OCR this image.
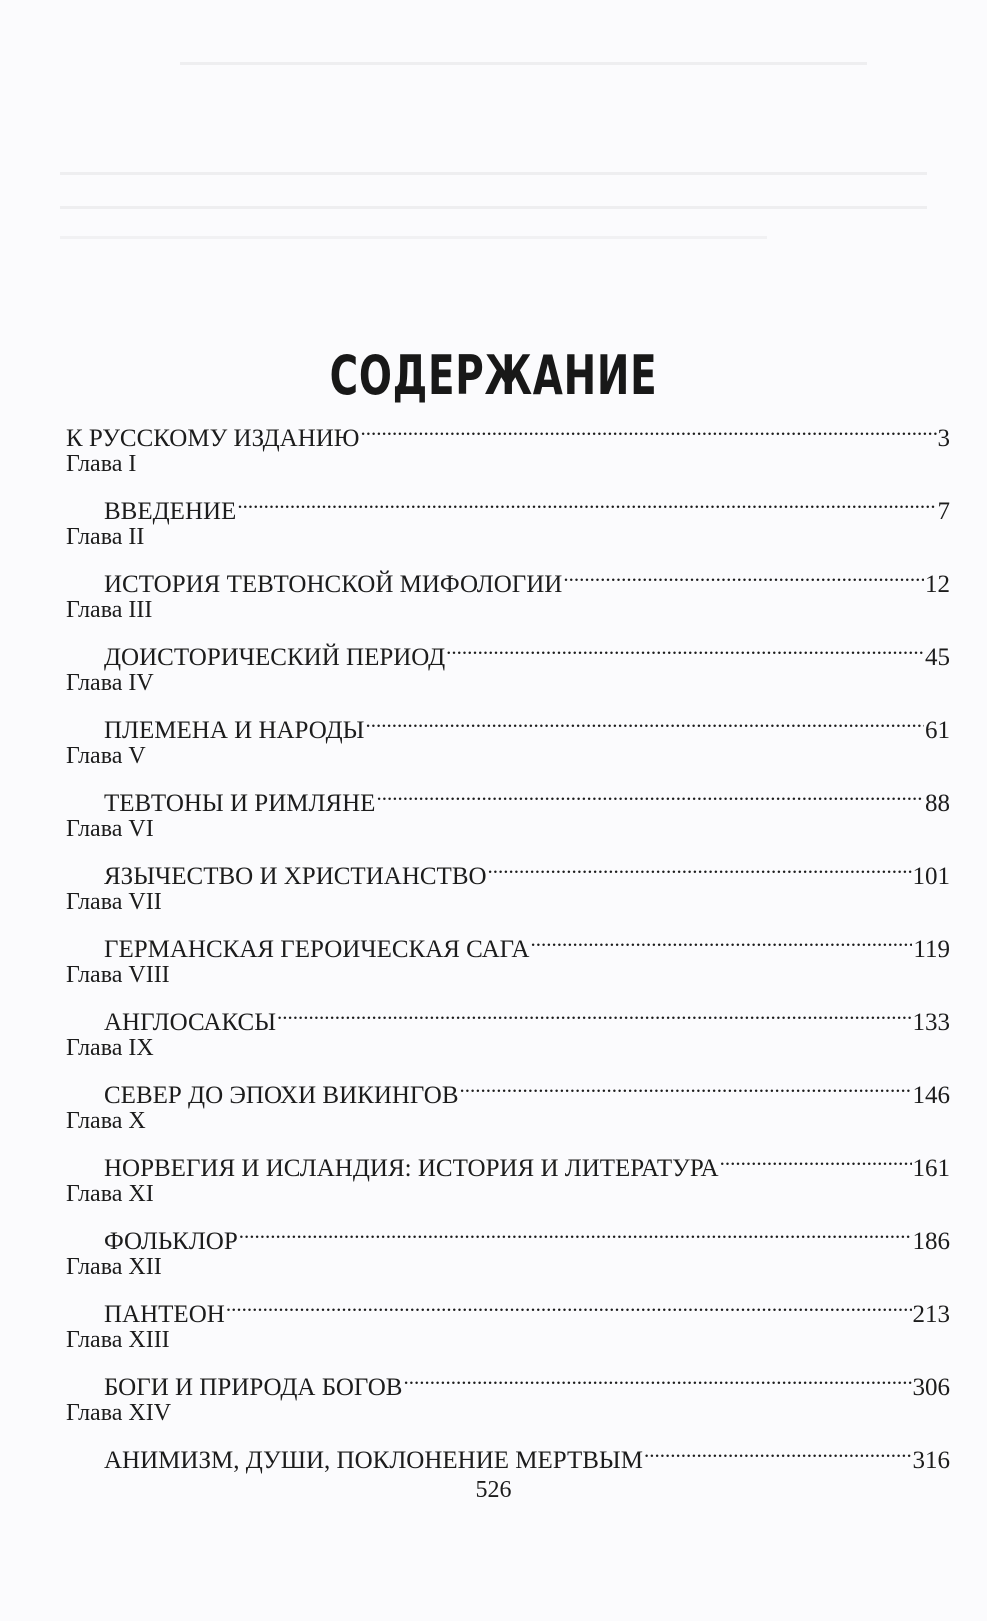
СОДЕРЖАНИЕ
К РУССКОМУ ИЗДАНИЮ .....	3
Глава I
ВВЕДЕНИЕ .....	7
Глава II
ИСТОРИЯ ТЕВТОНСКОЙ МИФОЛОГИИ .....	12
Глава III
ДОИСТОРИЧЕСКИЙ ПЕРИОД .....	45
Глава IV
ПЛЕМЕНА И НАРОДЫ .....	61
Глава V
ТЕВТОНЫ И РИМЛЯНЕ .....	88
Глава VI
ЯЗЫЧЕСТВО И ХРИСТИАНСТВО .....	101
Глава VII
ГЕРМАНСКАЯ ГЕРОИЧЕСКАЯ САГА .....	119
Глава VIII
АНГЛОСАКСЫ .....	133
Глава IX
СЕВЕР ДО ЭПОХИ ВИКИНГОВ .....	146
Глава X
НОРВЕГИЯ И ИСЛАНДИЯ: ИСТОРИЯ И ЛИТЕРАТУРА .....	161
Глава XI
ФОЛЬКЛОР .....	186
Глава XII
ПАНТЕОН .....	213
Глава XIII
БОГИ И ПРИРОДА БОГОВ .....	306
Глава XIV
АНИМИЗМ, ДУШИ, ПОКЛОНЕНИЕ МЕРТВЫМ .....	316
526
